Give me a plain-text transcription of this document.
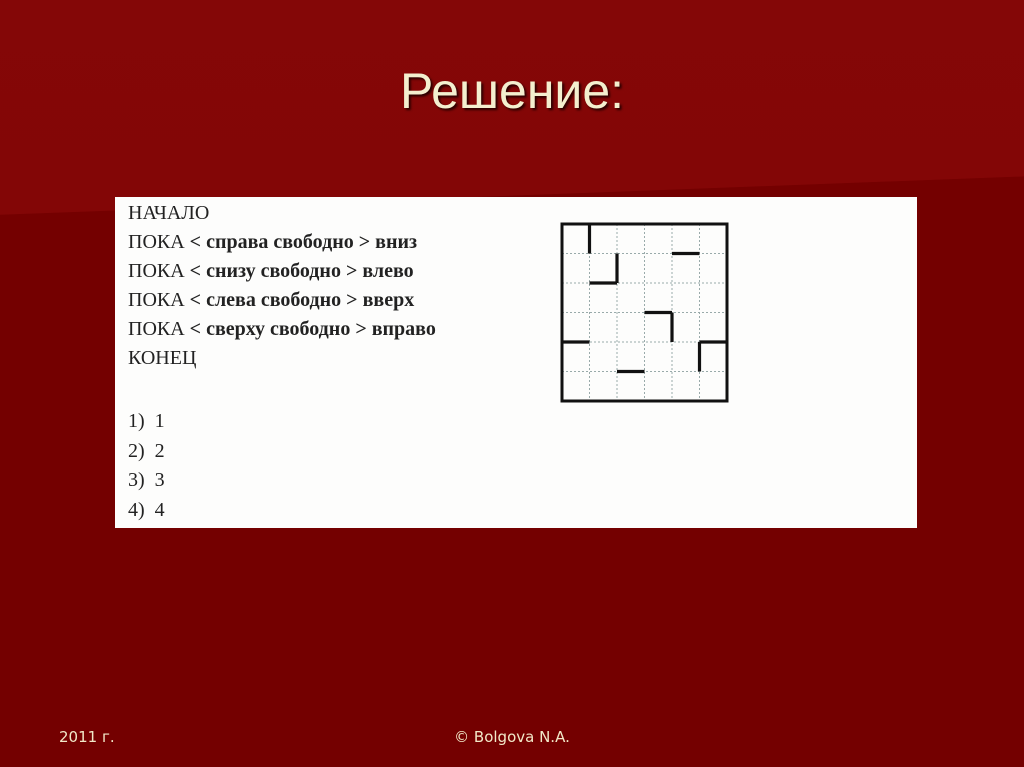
Решение:
НАЧАЛО
ПОКА < справа свободно > вниз
ПОКА < снизу свободно > влево
ПОКА < слева свободно > вверх
ПОКА < сверху свободно > вправо
КОНЕЦ
1) 1
2) 2
3) 3
4) 4
2011 г.	© Bolgova N.A.
